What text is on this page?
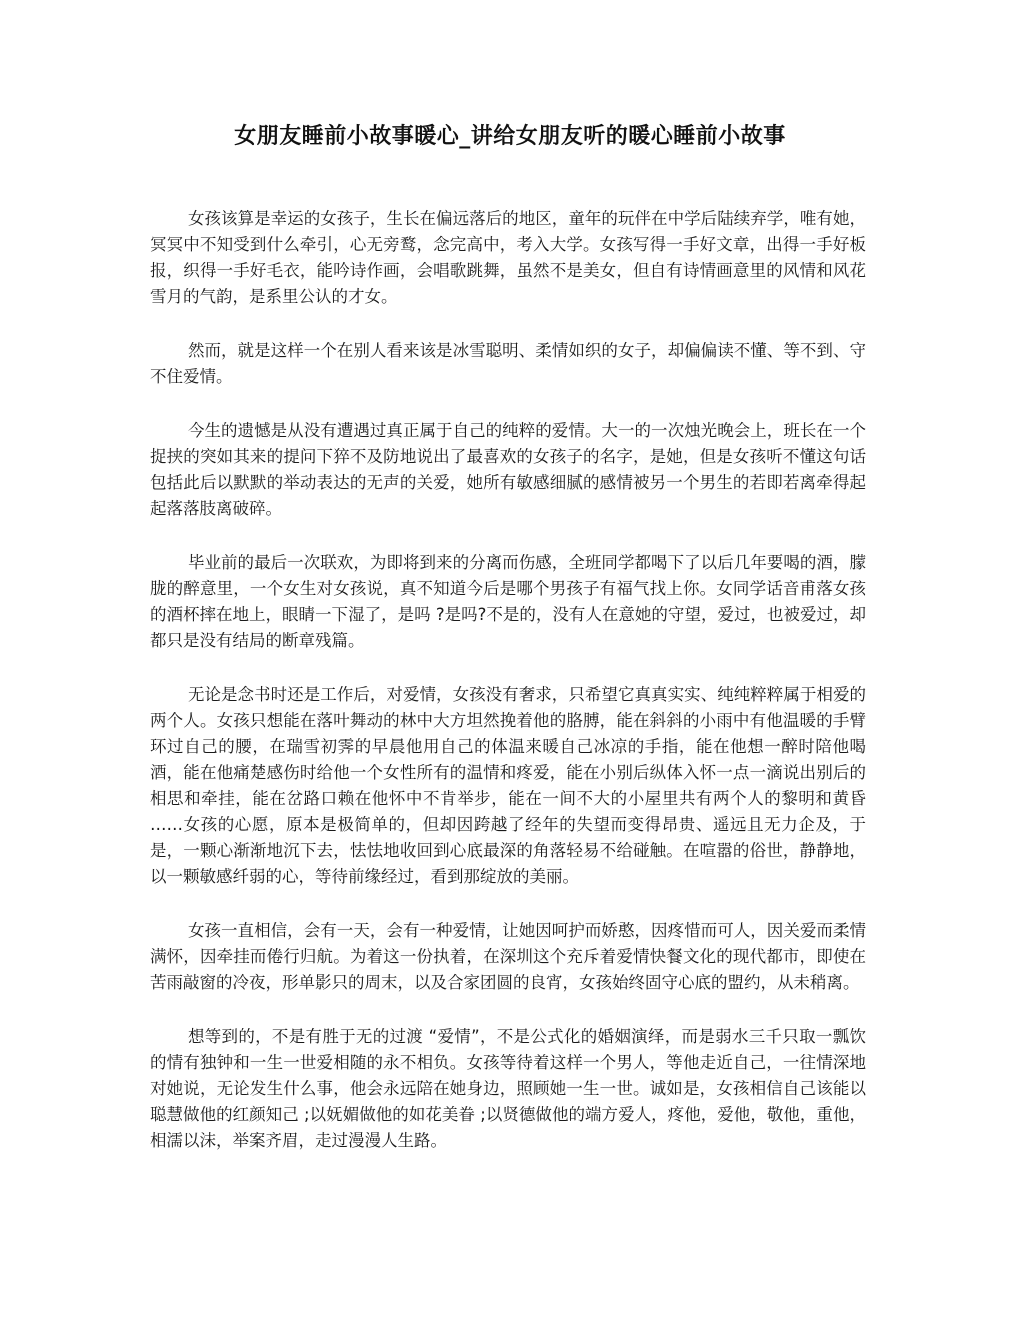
女朋友睡前小故事暖心_讲给女朋友听的暖心睡前小故事

女孩该算是幸运的女孩子，生长在偏远落后的地区，童年的玩伴在中学后陆续弃学，唯有她，冥冥中不知受到什么牵引，心无旁鹜，念完高中，考入大学。女孩写得一手好文章，出得一手好板报，织得一手好毛衣，能吟诗作画，会唱歌跳舞，虽然不是美女，但自有诗情画意里的风情和风花雪月的气韵，是系里公认的才女。

然而，就是这样一个在别人看来该是冰雪聪明、柔情如织的女子，却偏偏读不懂、等不到、守不住爱情。

今生的遗憾是从没有遭遇过真正属于自己的纯粹的爱情。大一的一次烛光晚会上，班长在一个捉挟的突如其来的提问下猝不及防地说出了最喜欢的女孩子的名字，是她，但是女孩听不懂这句话包括此后以默默的举动表达的无声的关爱，她所有敏感细腻的感情被另一个男生的若即若离牵得起起落落肢离破碎。

毕业前的最后一次联欢，为即将到来的分离而伤感，全班同学都喝下了以后几年要喝的酒，朦胧的醉意里，一个女生对女孩说，真不知道今后是哪个男孩子有福气找上你。女同学话音甫落女孩的酒杯摔在地上，眼睛一下湿了，是吗 ?是吗?不是的，没有人在意她的守望，爱过，也被爱过，却都只是没有结局的断章残篇。

无论是念书时还是工作后，对爱情，女孩没有奢求，只希望它真真实实、纯纯粹粹属于相爱的两个人。女孩只想能在落叶舞动的林中大方坦然挽着他的胳膊，能在斜斜的小雨中有他温暖的手臂环过自己的腰，在瑞雪初霁的早晨他用自己的体温来暖自己冰凉的手指，能在他想一醉时陪他喝酒，能在他痛楚感伤时给他一个女性所有的温情和疼爱，能在小别后纵体入怀一点一滴说出别后的相思和牵挂，能在岔路口赖在他怀中不肯举步，能在一间不大的小屋里共有两个人的黎明和黄昏 ……女孩的心愿，原本是极简单的，但却因跨越了经年的失望而变得昂贵、遥远且无力企及，于是，一颗心渐渐地沉下去，怯怯地收回到心底最深的角落轻易不给碰触。在喧嚣的俗世，静静地，以一颗敏感纤弱的心，等待前缘经过，看到那绽放的美丽。

女孩一直相信，会有一天，会有一种爱情，让她因呵护而娇憨，因疼惜而可人，因关爱而柔情满怀，因牵挂而倦行归航。为着这一份执着，在深圳这个充斥着爱情快餐文化的现代都市，即使在苦雨敲窗的冷夜，形单影只的周末，以及合家团圆的良宵，女孩始终固守心底的盟约，从未稍离。

想等到的，不是有胜于无的过渡 “爱情”，不是公式化的婚姻演绎，而是弱水三千只取一瓢饮的情有独钟和一生一世爱相随的永不相负。女孩等待着这样一个男人，等他走近自己，一往情深地对她说，无论发生什么事，他会永远陪在她身边，照顾她一生一世。诚如是，女孩相信自己该能以聪慧做他的红颜知己 ;以妩媚做他的如花美眷 ;以贤德做他的端方爱人，疼他，爱他，敬他，重他，相濡以沫，举案齐眉，走过漫漫人生路。
